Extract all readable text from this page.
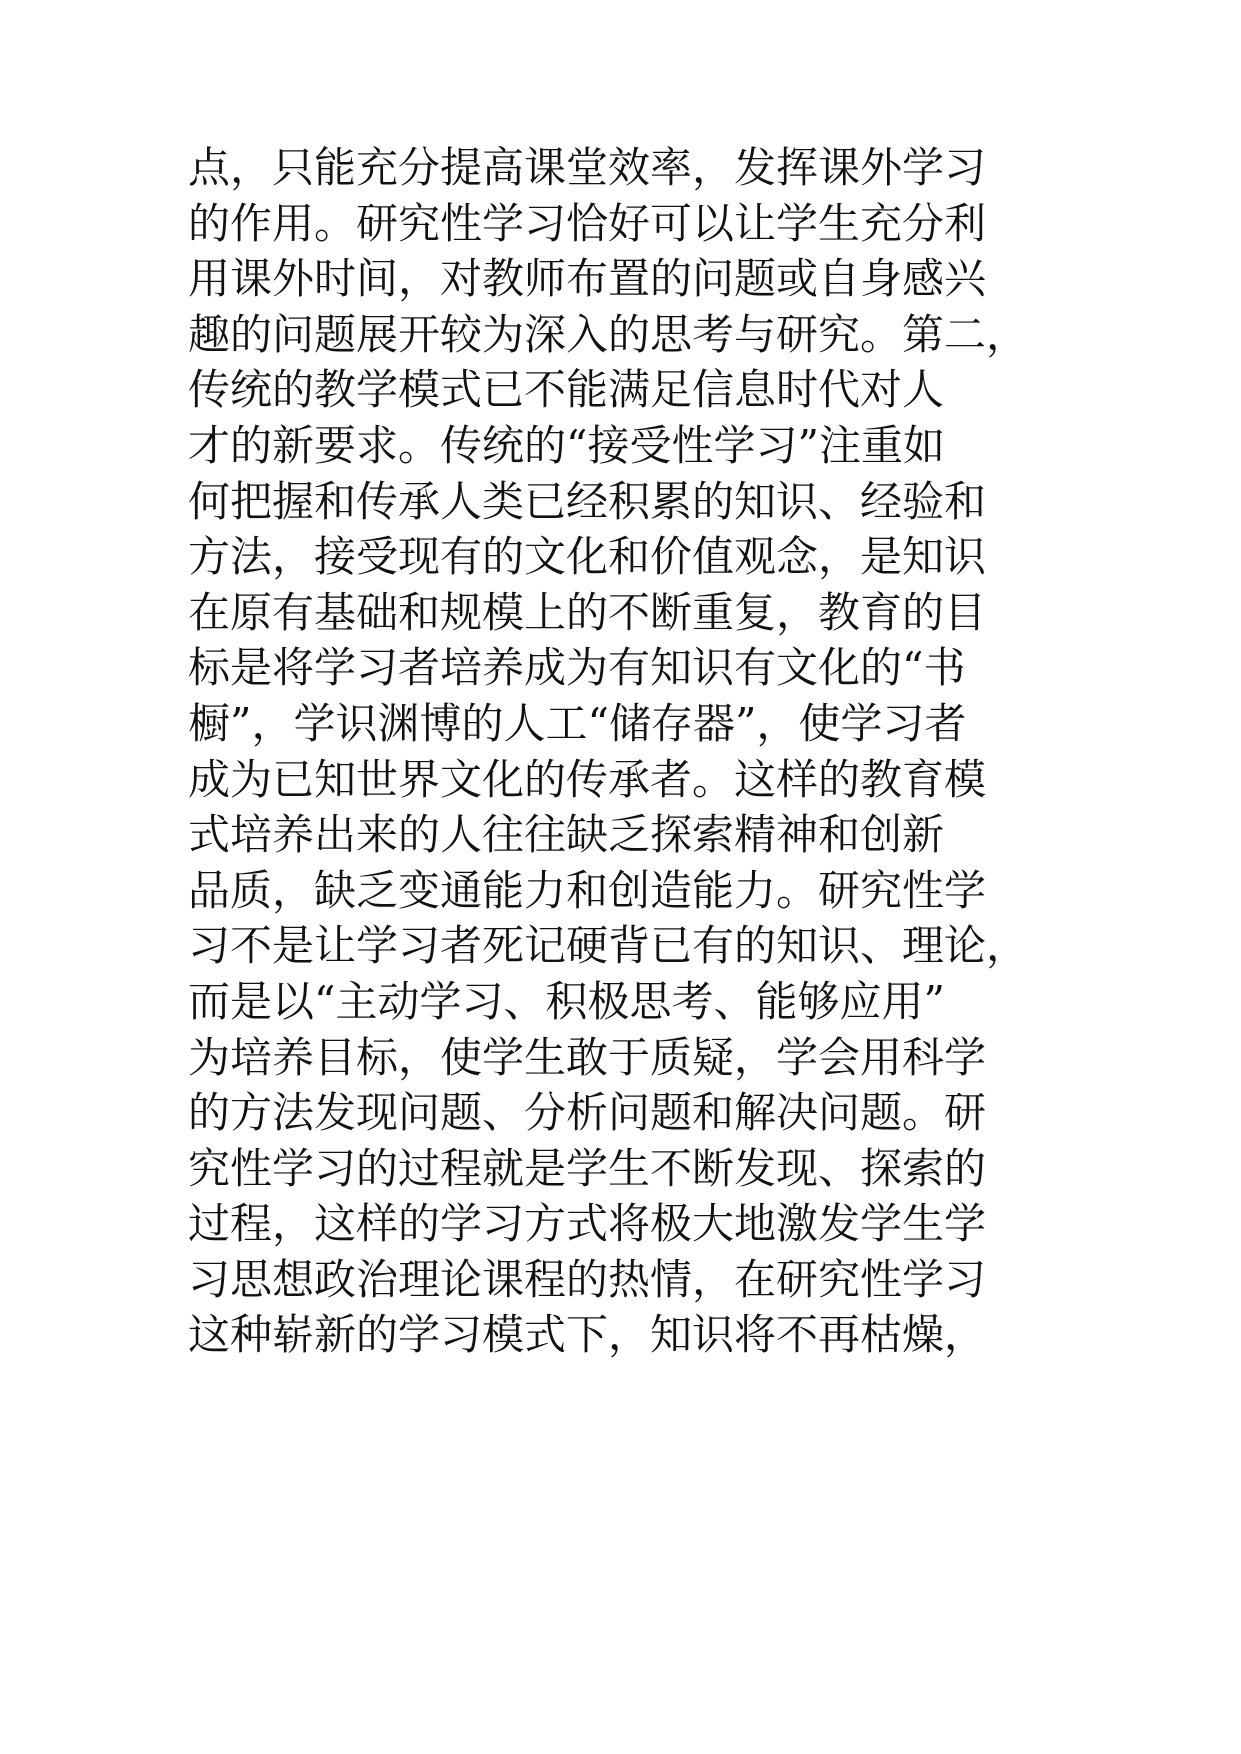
点，只能充分提高课堂效率，发挥课外学习
的作用。研究性学习恰好可以让学生充分利
用课外时间，对教师布置的问题或自身感兴
趣的问题展开较为深入的思考与研究。第二，
传统的教学模式已不能满足信息时代对人
才的新要求。传统的“接受性学习”注重如
何把握和传承人类已经积累的知识、经验和
方法，接受现有的文化和价值观念，是知识
在原有基础和规模上的不断重复，教育的目
标是将学习者培养成为有知识有文化的“书
橱”，学识渊博的人工“储存器”，使学习者
成为已知世界文化的传承者。这样的教育模
式培养出来的人往往缺乏探索精神和创新
品质，缺乏变通能力和创造能力。研究性学
习不是让学习者死记硬背已有的知识、理论，
而是以“主动学习、积极思考、能够应用”
为培养目标，使学生敢于质疑，学会用科学
的方法发现问题、分析问题和解决问题。研
究性学习的过程就是学生不断发现、探索的
过程，这样的学习方式将极大地激发学生学
习思想政治理论课程的热情，在研究性学习
这种崭新的学习模式下，知识将不再枯燥，
